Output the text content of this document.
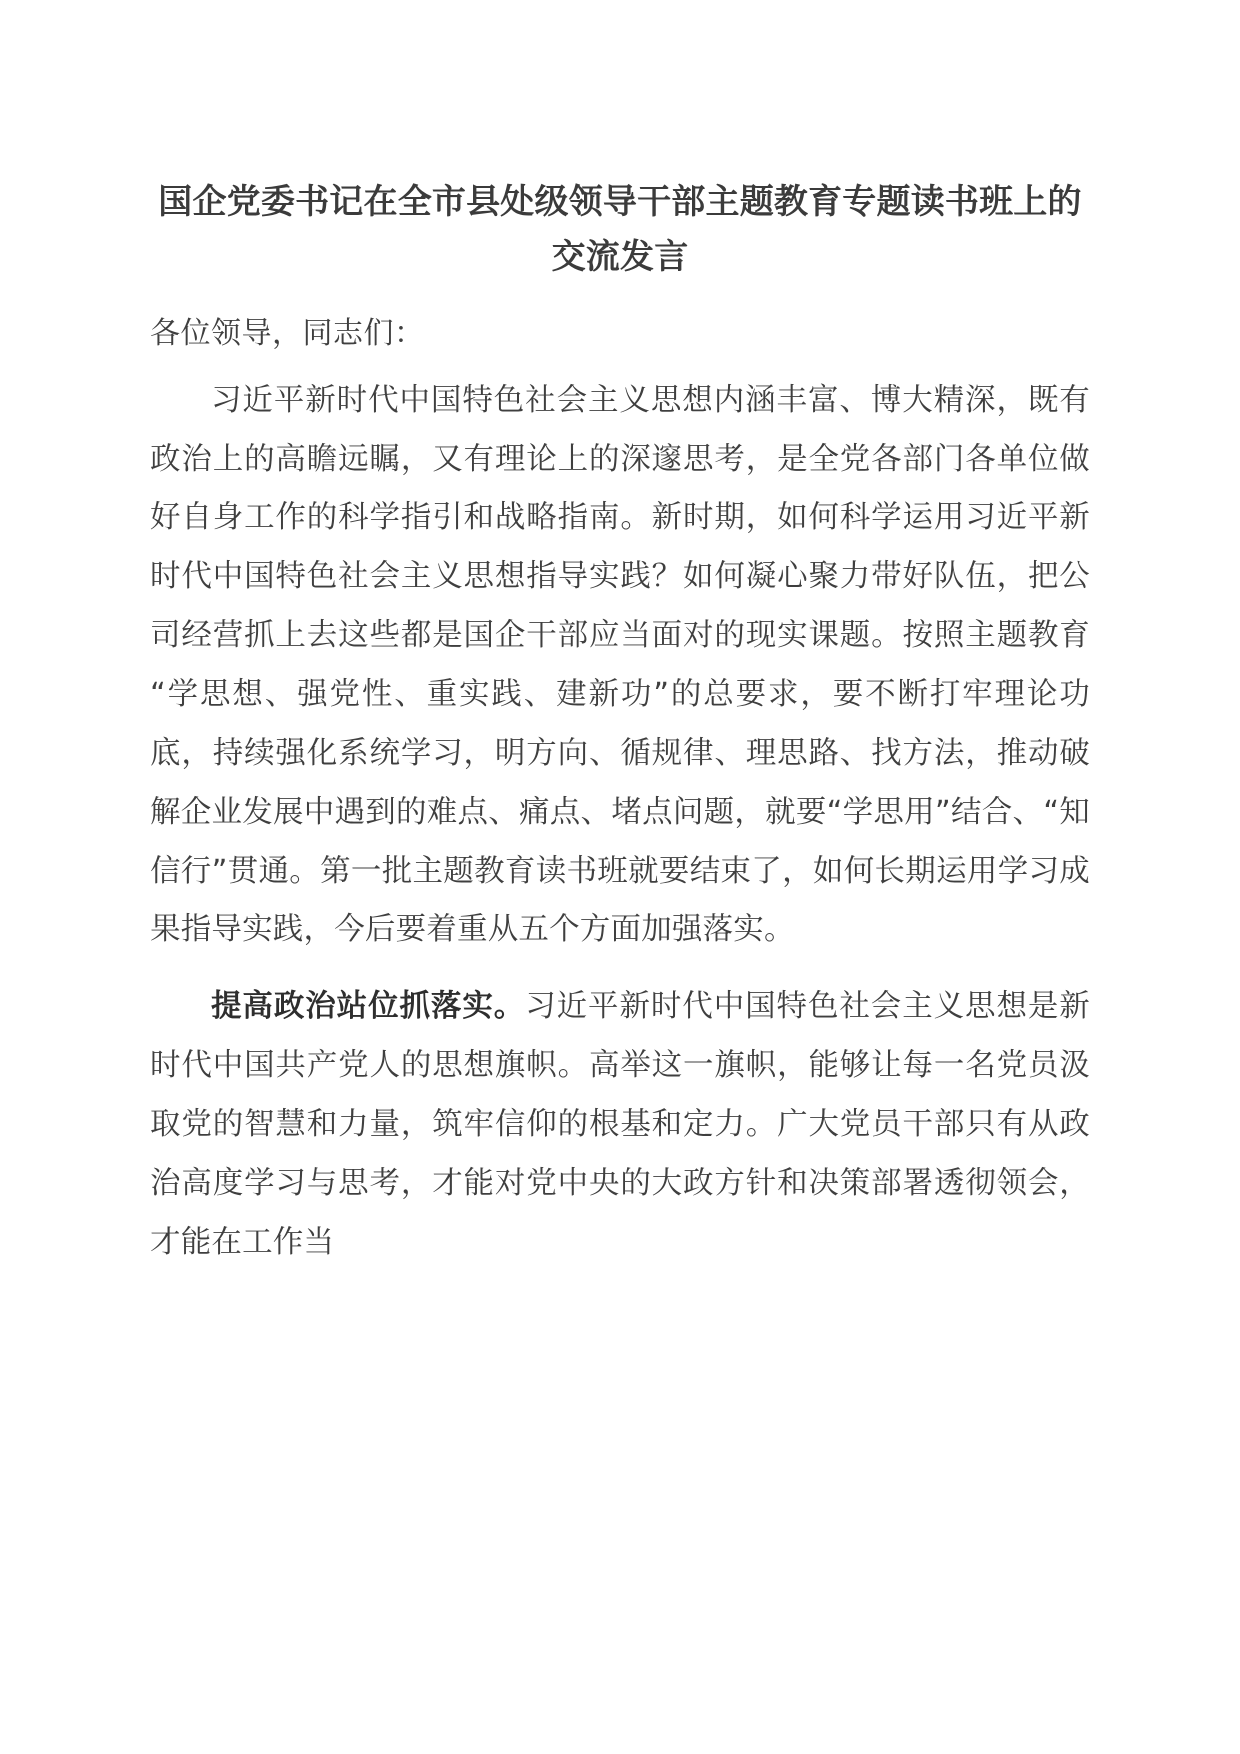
国企党委书记在全市县处级领导干部主题教育专题读书班上的交流发言

各位领导，同志们：

习近平新时代中国特色社会主义思想内涵丰富、博大精深，既有政治上的高瞻远瞩，又有理论上的深邃思考，是全党各部门各单位做好自身工作的科学指引和战略指南。新时期，如何科学运用习近平新时代中国特色社会主义思想指导实践？如何凝心聚力带好队伍，把公司经营抓上去这些都是国企干部应当面对的现实课题。按照主题教育“学思想、强党性、重实践、建新功”的总要求，要不断打牢理论功底，持续强化系统学习，明方向、循规律、理思路、找方法，推动破解企业发展中遇到的难点、痛点、堵点问题，就要“学思用”结合、“知信行”贯通。第一批主题教育读书班就要结束了，如何长期运用学习成果指导实践，今后要着重从五个方面加强落实。

提高政治站位抓落实。习近平新时代中国特色社会主义思想是新时代中国共产党人的思想旗帜。高举这一旗帜，能够让每一名党员汲取党的智慧和力量，筑牢信仰的根基和定力。广大党员干部只有从政治高度学习与思考，才能对党中央的大政方针和决策部署透彻领会，才能在工作当
